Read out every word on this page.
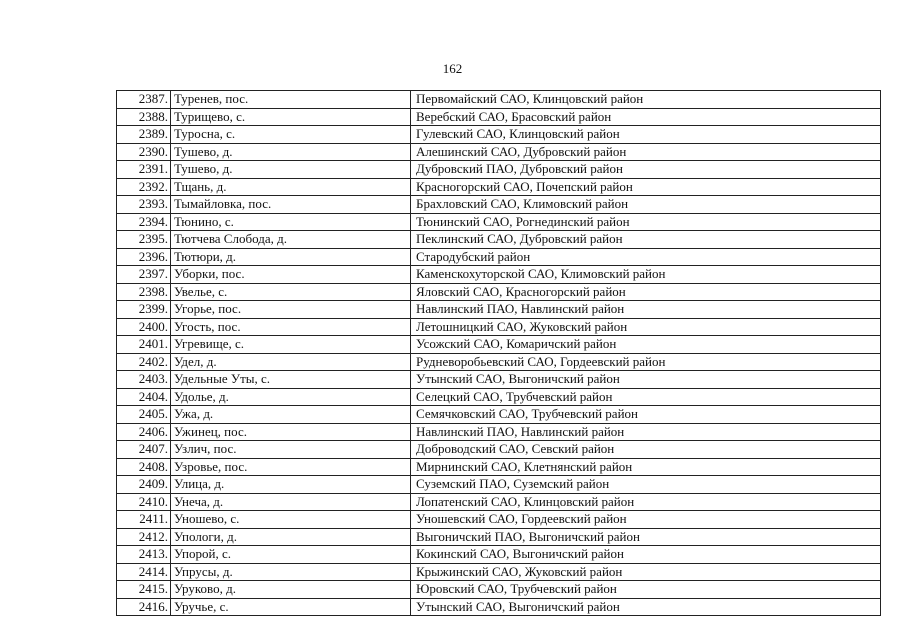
162
2387.	Туренев, пос.	Первомайский САО, Клинцовский район
2388.	Турищево, с.	Веребский САО, Брасовский район
2389.	Туросна, с.	Гулевский САО, Клинцовский район
2390.	Тушево, д.	Алешинский САО, Дубровский район
2391.	Тушево, д.	Дубровский ПАО, Дубровский район
2392.	Тщань, д.	Красногорский САО, Почепский район
2393.	Тымайловка, пос.	Брахловский САО, Климовский район
2394.	Тюнино, с.	Тюнинский САО, Рогнединский район
2395.	Тютчева Слобода, д.	Пеклинский САО, Дубровский район
2396.	Тютюри, д.	Стародубский район
2397.	Уборки, пос.	Каменскохуторской САО, Климовский район
2398.	Увелье, с.	Яловский САО, Красногорский район
2399.	Угорье, пос.	Навлинский ПАО, Навлинский район
2400.	Угость, пос.	Летошницкий САО, Жуковский район
2401.	Угревище, с.	Усожский САО, Комаричский район
2402.	Удел, д.	Рудневоробьевский САО, Гордеевский район
2403.	Удельные Уты, с.	Утынский САО, Выгоничский район
2404.	Удолье, д.	Селецкий САО, Трубчевский район
2405.	Ужа, д.	Семячковский САО, Трубчевский район
2406.	Ужинец, пос.	Навлинский ПАО, Навлинский район
2407.	Узлич, пос.	Доброводский САО, Севский район
2408.	Узровье, пос.	Мирнинский САО, Клетнянский район
2409.	Улица, д.	Суземский ПАО, Суземский район
2410.	Унеча, д.	Лопатенский САО, Клинцовский район
2411.	Уношево, с.	Уношевский САО, Гордеевский район
2412.	Упологи, д.	Выгоничский ПАО, Выгоничский район
2413.	Упорой, с.	Кокинский САО, Выгоничский район
2414.	Упрусы, д.	Крыжинский САО, Жуковский район
2415.	Уруково, д.	Юровский САО, Трубчевский район
2416.	Уручье, с.	Утынский САО, Выгоничский район
